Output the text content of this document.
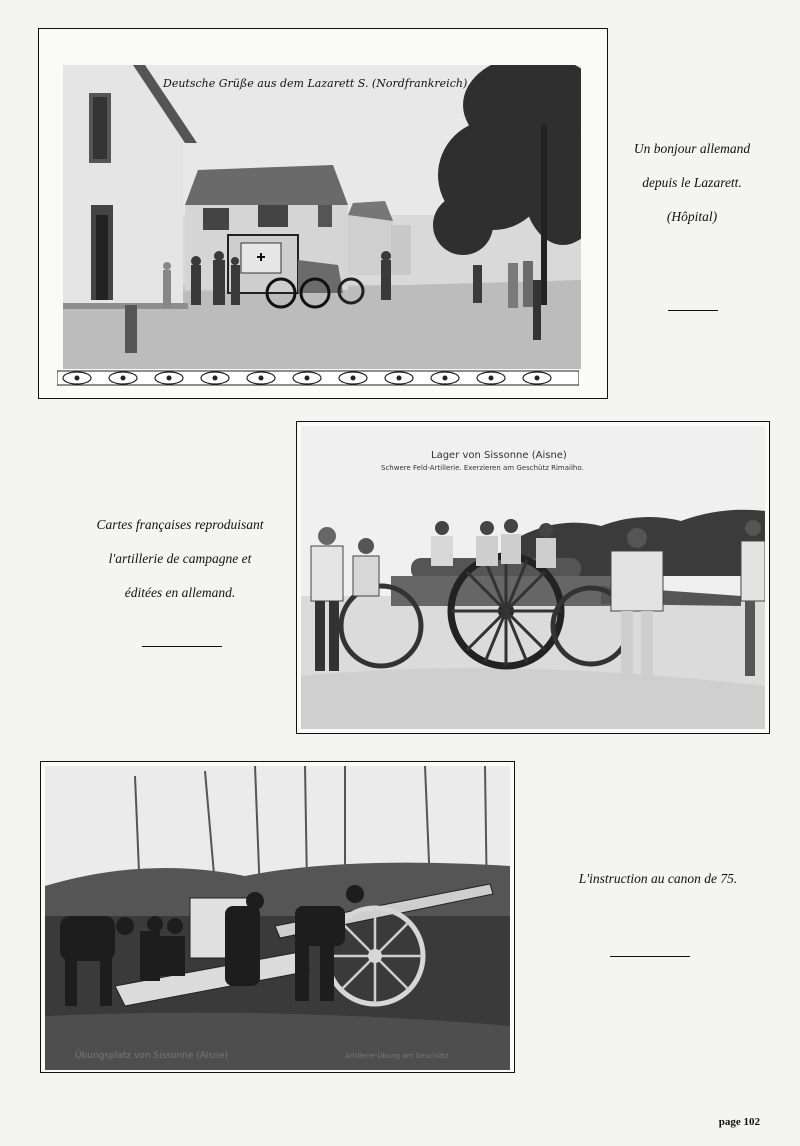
Deutsche Grüße aus dem Lazarett S. (Nordfrankreich)
Un bonjour allemand
depuis le Lazarett.
(Hôpital)
Lager von Sissonne (Aisne)
Schwere Feld-Artillerie. Exerzieren am Geschütz Rimailho.
Cartes françaises reproduisant
l'artillerie de campagne et
éditées en allemand.
Übungsplatz von Sissonne (Aisne)	Artillerie-Übung am Geschütz
L'instruction au canon de 75.
page 102
